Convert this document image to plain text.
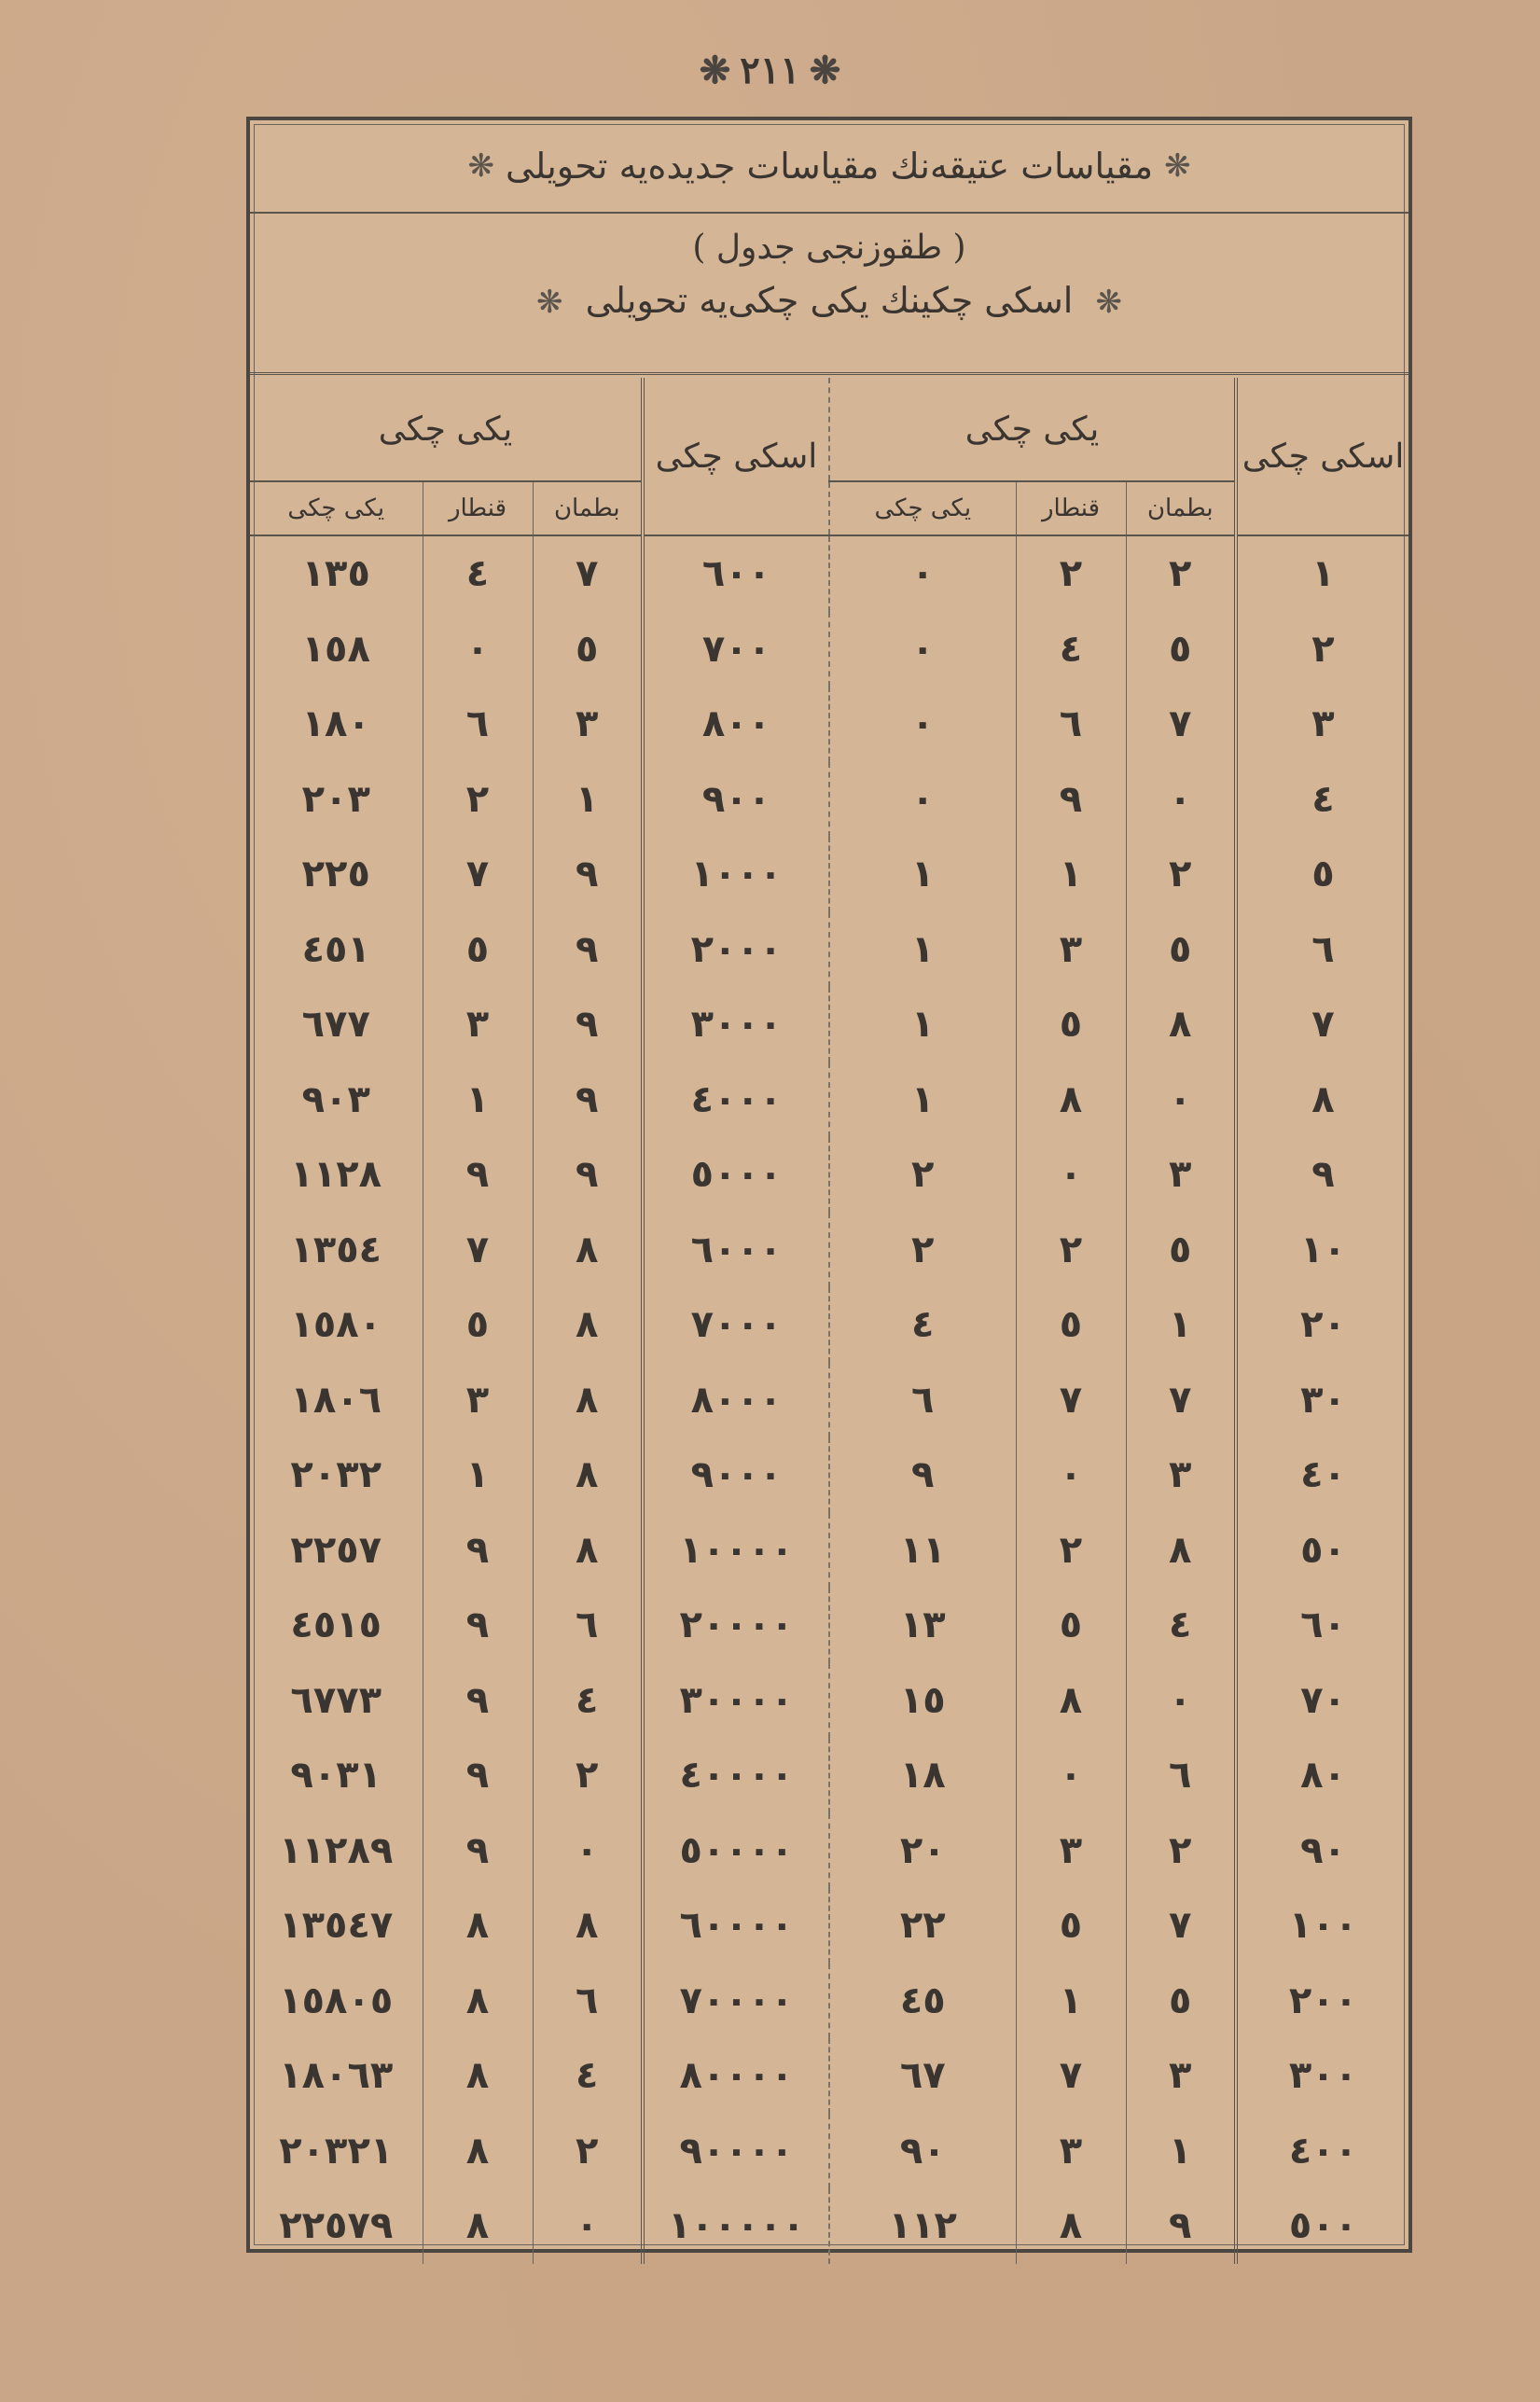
❋٢١١❋
❋
مقیاسات عتیقه‌نك مقیاسات جدیده‌یه تحویلی
❋
( طقوزنجی جدول )
❋ اسکی چکینك یکی چکی‌یه تحویلی ❋
اسکی چکی	یکی چکی			اسکی چکی	یکی چکی		
	بطمان	قنطار	یکی چکی		بطمان	قنطار	یکی چکی
١	٢	٢	٠	٦٠٠	٧	٤	١٣٥
٢	٥	٤	٠	٧٠٠	٥	٠	١٥٨
٣	٧	٦	٠	٨٠٠	٣	٦	١٨٠
٤	٠	٩	٠	٩٠٠	١	٢	٢٠٣
٥	٢	١	١	١٠٠٠	٩	٧	٢٢٥
٦	٥	٣	١	٢٠٠٠	٩	٥	٤٥١
٧	٨	٥	١	٣٠٠٠	٩	٣	٦٧٧
٨	٠	٨	١	٤٠٠٠	٩	١	٩٠٣
٩	٣	٠	٢	٥٠٠٠	٩	٩	١١٢٨
١٠	٥	٢	٢	٦٠٠٠	٨	٧	١٣٥٤
٢٠	١	٥	٤	٧٠٠٠	٨	٥	١٥٨٠
٣٠	٧	٧	٦	٨٠٠٠	٨	٣	١٨٠٦
٤٠	٣	٠	٩	٩٠٠٠	٨	١	٢٠٣٢
٥٠	٨	٢	١١	١٠٠٠٠	٨	٩	٢٢٥٧
٦٠	٤	٥	١٣	٢٠٠٠٠	٦	٩	٤٥١٥
٧٠	٠	٨	١٥	٣٠٠٠٠	٤	٩	٦٧٧٣
٨٠	٦	٠	١٨	٤٠٠٠٠	٢	٩	٩٠٣١
٩٠	٢	٣	٢٠	٥٠٠٠٠	٠	٩	١١٢٨٩
١٠٠	٧	٥	٢٢	٦٠٠٠٠	٨	٨	١٣٥٤٧
٢٠٠	٥	١	٤٥	٧٠٠٠٠	٦	٨	١٥٨٠٥
٣٠٠	٣	٧	٦٧	٨٠٠٠٠	٤	٨	١٨٠٦٣
٤٠٠	١	٣	٩٠	٩٠٠٠٠	٢	٨	٢٠٣٢١
٥٠٠	٩	٨	١١٢	١٠٠٠٠٠	٠	٨	٢٢٥٧٩
